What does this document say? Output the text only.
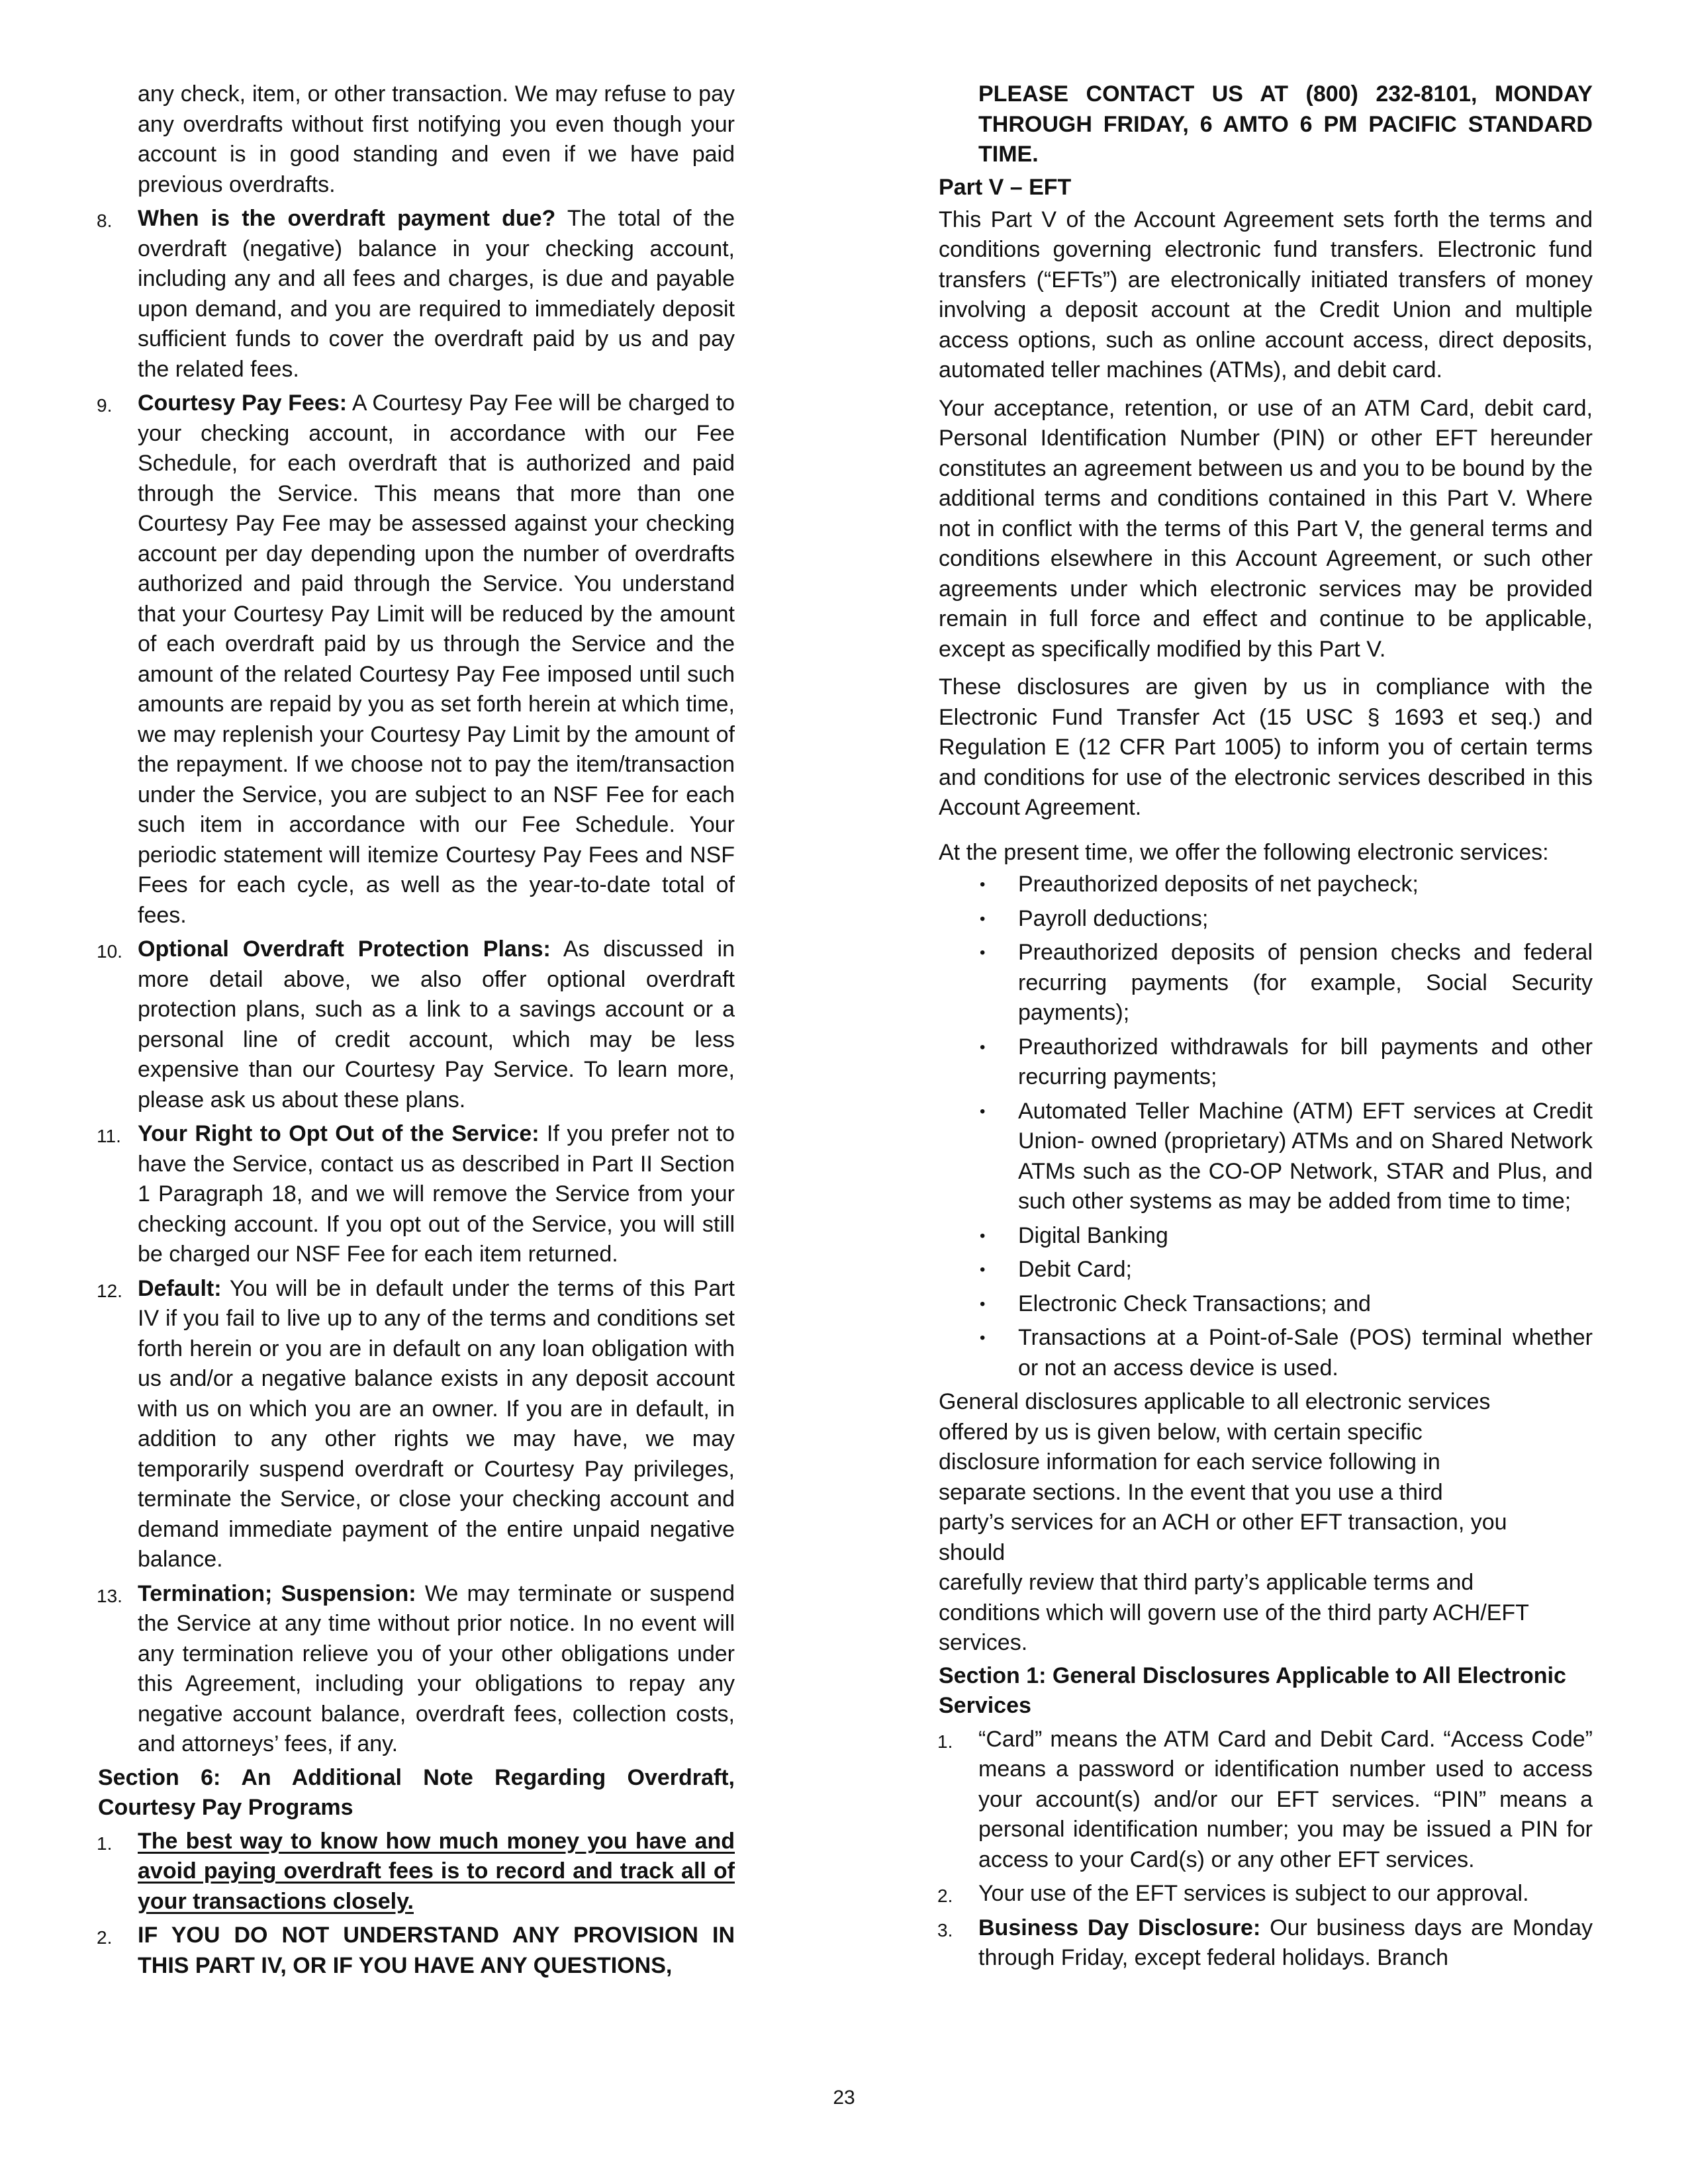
any check, item, or other transaction. We may refuse to pay any overdrafts without first notifying you even though your account is in good standing and even if we have paid previous overdrafts.

8. When is the overdraft payment due? The total of the overdraft (negative) balance in your checking account, including any and all fees and charges, is due and payable upon demand, and you are required to immediately deposit sufficient funds to cover the overdraft paid by us and pay the related fees.

9. Courtesy Pay Fees: A Courtesy Pay Fee will be charged to your checking account, in accordance with our Fee Schedule, for each overdraft that is authorized and paid through the Service. This means that more than one Courtesy Pay Fee may be assessed against your checking account per day depending upon the number of overdrafts authorized and paid through the Service. You understand that your Courtesy Pay Limit will be reduced by the amount of each overdraft paid by us through the Service and the amount of the related Courtesy Pay Fee imposed until such amounts are repaid by you as set forth herein at which time, we may replenish your Courtesy Pay Limit by the amount of the repayment. If we choose not to pay the item/transaction under the Service, you are subject to an NSF Fee for each such item in accordance with our Fee Schedule. Your periodic statement will itemize Courtesy Pay Fees and NSF Fees for each cycle, as well as the year-to-date total of fees.

10. Optional Overdraft Protection Plans: As discussed in more detail above, we also offer optional overdraft protection plans, such as a link to a savings account or a personal line of credit account, which may be less expensive than our Courtesy Pay Service. To learn more, please ask us about these plans.

11. Your Right to Opt Out of the Service: If you prefer not to have the Service, contact us as described in Part II Section 1 Paragraph 18, and we will remove the Service from your checking account. If you opt out of the Service, you will still be charged our NSF Fee for each item returned.

12. Default: You will be in default under the terms of this Part IV if you fail to live up to any of the terms and conditions set forth herein or you are in default on any loan obligation with us and/or a negative balance exists in any deposit account with us on which you are an owner. If you are in default, in addition to any other rights we may have, we may temporarily suspend overdraft or Courtesy Pay privileges, terminate the Service, or close your checking account and demand immediate payment of the entire unpaid negative balance.

13. Termination; Suspension: We may terminate or suspend the Service at any time without prior notice. In no event will any termination relieve you of your other obligations under this Agreement, including your obligations to repay any negative account balance, overdraft fees, collection costs, and attorneys’ fees, if any.

Section 6: An Additional Note Regarding Overdraft, Courtesy Pay Programs

1. The best way to know how much money you have and avoid paying overdraft fees is to record and track all of your transactions closely.

2. IF YOU DO NOT UNDERSTAND ANY PROVISION IN THIS PART IV, OR IF YOU HAVE ANY QUESTIONS,

PLEASE CONTACT US AT (800) 232-8101, MONDAY THROUGH FRIDAY, 6 AMTO 6 PM PACIFIC STANDARD TIME.

Part V – EFT

This Part V of the Account Agreement sets forth the terms and conditions governing electronic fund transfers. Electronic fund transfers (“EFTs”) are electronically initiated transfers of money involving a deposit account at the Credit Union and multiple access options, such as online account access, direct deposits, automated teller machines (ATMs), and debit card.

Your acceptance, retention, or use of an ATM Card, debit card, Personal Identification Number (PIN) or other EFT hereunder constitutes an agreement between us and you to be bound by the additional terms and conditions contained in this Part V. Where not in conflict with the terms of this Part V, the general terms and conditions elsewhere in this Account Agreement, or such other agreements under which electronic services may be provided remain in full force and effect and continue to be applicable, except as specifically modified by this Part V.

These disclosures are given by us in compliance with the Electronic Fund Transfer Act (15 USC § 1693 et seq.) and Regulation E (12 CFR Part 1005) to inform you of certain terms and conditions for use of the electronic services described in this Account Agreement.

At the present time, we offer the following electronic services:

• Preauthorized deposits of net paycheck;

• Payroll deductions;

• Preauthorized deposits of pension checks and federal recurring payments (for example, Social Security payments);

• Preauthorized withdrawals for bill payments and other recurring payments;

• Automated Teller Machine (ATM) EFT services at Credit Union- owned (proprietary) ATMs and on Shared Network ATMs such as the CO-OP Network, STAR and Plus, and such other systems as may be added from time to time;

• Digital Banking

• Debit Card;

• Electronic Check Transactions; and

• Transactions at a Point-of-Sale (POS) terminal whether or not an access device is used.

General disclosures applicable to all electronic services

offered by us is given below, with certain specific

disclosure information for each service following in

separate sections. In the event that you use a third

party’s services for an ACH or other EFT transaction, you

should

carefully review that third party’s applicable terms and

conditions which will govern use of the third party ACH/EFT

services.

Section 1: General Disclosures Applicable to All Electronic Services

1. “Card” means the ATM Card and Debit Card. “Access Code” means a password or identification number used to access your account(s) and/or our EFT services. “PIN” means a personal identification number; you may be issued a PIN for access to your Card(s) or any other EFT services.

2. Your use of the EFT services is subject to our approval.

3. Business Day Disclosure: Our business days are Monday through Friday, except federal holidays. Branch

23
